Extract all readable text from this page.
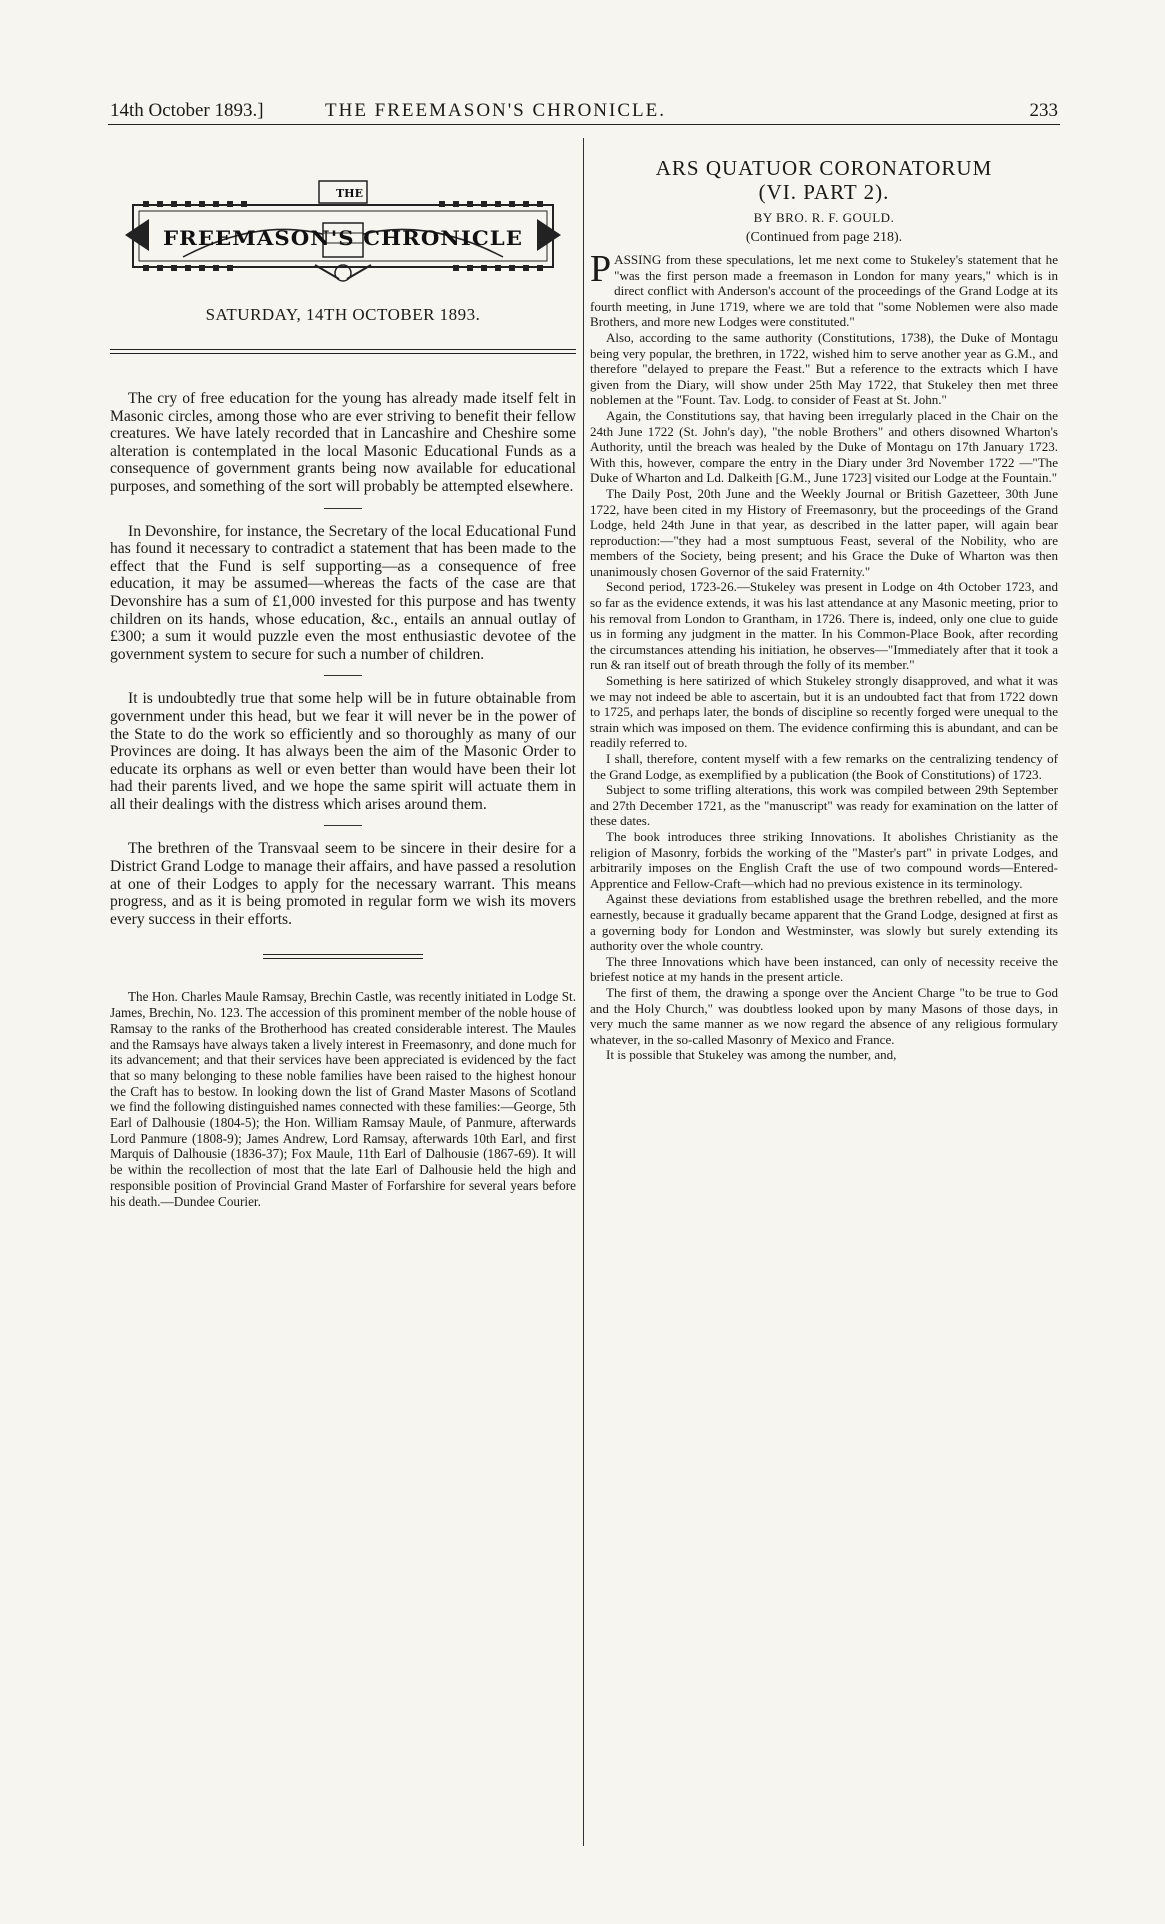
14th October 1893.]	THE FREEMASON'S CHRONICLE.	233
THE
FREEMASON'S CHRONICLE
SATURDAY, 14TH OCTOBER 1893.

The cry of free education for the young has already made itself felt in Masonic circles, among those who are ever striving to benefit their fellow creatures. We have lately recorded that in Lancashire and Cheshire some alteration is contemplated in the local Masonic Educational Funds as a consequence of government grants being now available for educational purposes, and something of the sort will probably be attempted elsewhere.

In Devonshire, for instance, the Secretary of the local Educational Fund has found it necessary to contradict a statement that has been made to the effect that the Fund is self supporting—as a consequence of free education, it may be assumed—whereas the facts of the case are that Devonshire has a sum of £1,000 invested for this purpose and has twenty children on its hands, whose education, &c., entails an annual outlay of £300; a sum it would puzzle even the most enthusiastic devotee of the government system to secure for such a number of children.

It is undoubtedly true that some help will be in future obtainable from government under this head, but we fear it will never be in the power of the State to do the work so efficiently and so thoroughly as many of our Provinces are doing. It has always been the aim of the Masonic Order to educate its orphans as well or even better than would have been their lot had their parents lived, and we hope the same spirit will actuate them in all their dealings with the distress which arises around them.

The brethren of the Transvaal seem to be sincere in their desire for a District Grand Lodge to manage their affairs, and have passed a resolution at one of their Lodges to apply for the necessary warrant. This means progress, and as it is being promoted in regular form we wish its movers every success in their efforts.

The Hon. Charles Maule Ramsay, Brechin Castle, was recently initiated in Lodge St. James, Brechin, No. 123. The accession of this prominent member of the noble house of Ramsay to the ranks of the Brotherhood has created considerable interest. The Maules and the Ramsays have always taken a lively interest in Freemasonry, and done much for its advancement; and that their services have been appreciated is evidenced by the fact that so many belonging to these noble families have been raised to the highest honour the Craft has to bestow. In looking down the list of Grand Master Masons of Scotland we find the following distinguished names connected with these families:—George, 5th Earl of Dalhousie (1804-5); the Hon. William Ramsay Maule, of Panmure, afterwards Lord Panmure (1808-9); James Andrew, Lord Ramsay, afterwards 10th Earl, and first Marquis of Dalhousie (1836-37); Fox Maule, 11th Earl of Dalhousie (1867-69). It will be within the recollection of most that the late Earl of Dalhousie held the high and responsible position of Provincial Grand Master of Forfarshire for several years before his death.—Dundee Courier.

ARS QUATUOR CORONATORUM
(VI. PART 2).
BY BRO. R. F. GOULD.
(Continued from page 218).

PASSING from these speculations, let me next come to Stukeley's statement that he "was the first person made a freemason in London for many years," which is in direct conflict with Anderson's account of the proceedings of the Grand Lodge at its fourth meeting, in June 1719, where we are told that "some Noblemen were also made Brothers, and more new Lodges were constituted."

Also, according to the same authority (Constitutions, 1738), the Duke of Montagu being very popular, the brethren, in 1722, wished him to serve another year as G.M., and therefore "delayed to prepare the Feast." But a reference to the extracts which I have given from the Diary, will show under 25th May 1722, that Stukeley then met three noblemen at the "Fount. Tav. Lodg. to consider of Feast at St. John."

Again, the Constitutions say, that having been irregularly placed in the Chair on the 24th June 1722 (St. John's day), "the noble Brothers" and others disowned Wharton's Authority, until the breach was healed by the Duke of Montagu on 17th January 1723. With this, however, compare the entry in the Diary under 3rd November 1722 —"The Duke of Wharton and Ld. Dalkeith [G.M., June 1723] visited our Lodge at the Fountain."

The Daily Post, 20th June and the Weekly Journal or British Gazetteer, 30th June 1722, have been cited in my History of Freemasonry, but the proceedings of the Grand Lodge, held 24th June in that year, as described in the latter paper, will again bear reproduction:—"they had a most sumptuous Feast, several of the Nobility, who are members of the Society, being present; and his Grace the Duke of Wharton was then unanimously chosen Governor of the said Fraternity."

Second period, 1723-26.—Stukeley was present in Lodge on 4th October 1723, and so far as the evidence extends, it was his last attendance at any Masonic meeting, prior to his removal from London to Grantham, in 1726. There is, indeed, only one clue to guide us in forming any judgment in the matter. In his Common-Place Book, after recording the circumstances attending his initiation, he observes—"Immediately after that it took a run & ran itself out of breath through the folly of its member."

Something is here satirized of which Stukeley strongly disapproved, and what it was we may not indeed be able to ascertain, but it is an undoubted fact that from 1722 down to 1725, and perhaps later, the bonds of discipline so recently forged were unequal to the strain which was imposed on them. The evidence confirming this is abundant, and can be readily referred to.

I shall, therefore, content myself with a few remarks on the centralizing tendency of the Grand Lodge, as exemplified by a publication (the Book of Constitutions) of 1723.

Subject to some trifling alterations, this work was compiled between 29th September and 27th December 1721, as the "manuscript" was ready for examination on the latter of these dates.

The book introduces three striking Innovations. It abolishes Christianity as the religion of Masonry, forbids the working of the "Master's part" in private Lodges, and arbitrarily imposes on the English Craft the use of two compound words—Entered-Apprentice and Fellow-Craft—which had no previous existence in its terminology.

Against these deviations from established usage the brethren rebelled, and the more earnestly, because it gradually became apparent that the Grand Lodge, designed at first as a governing body for London and Westminster, was slowly but surely extending its authority over the whole country.

The three Innovations which have been instanced, can only of necessity receive the briefest notice at my hands in the present article.

The first of them, the drawing a sponge over the Ancient Charge "to be true to God and the Holy Church," was doubtless looked upon by many Masons of those days, in very much the same manner as we now regard the absence of any religious formulary whatever, in the so-called Masonry of Mexico and France.

It is possible that Stukeley was among the number, and,
